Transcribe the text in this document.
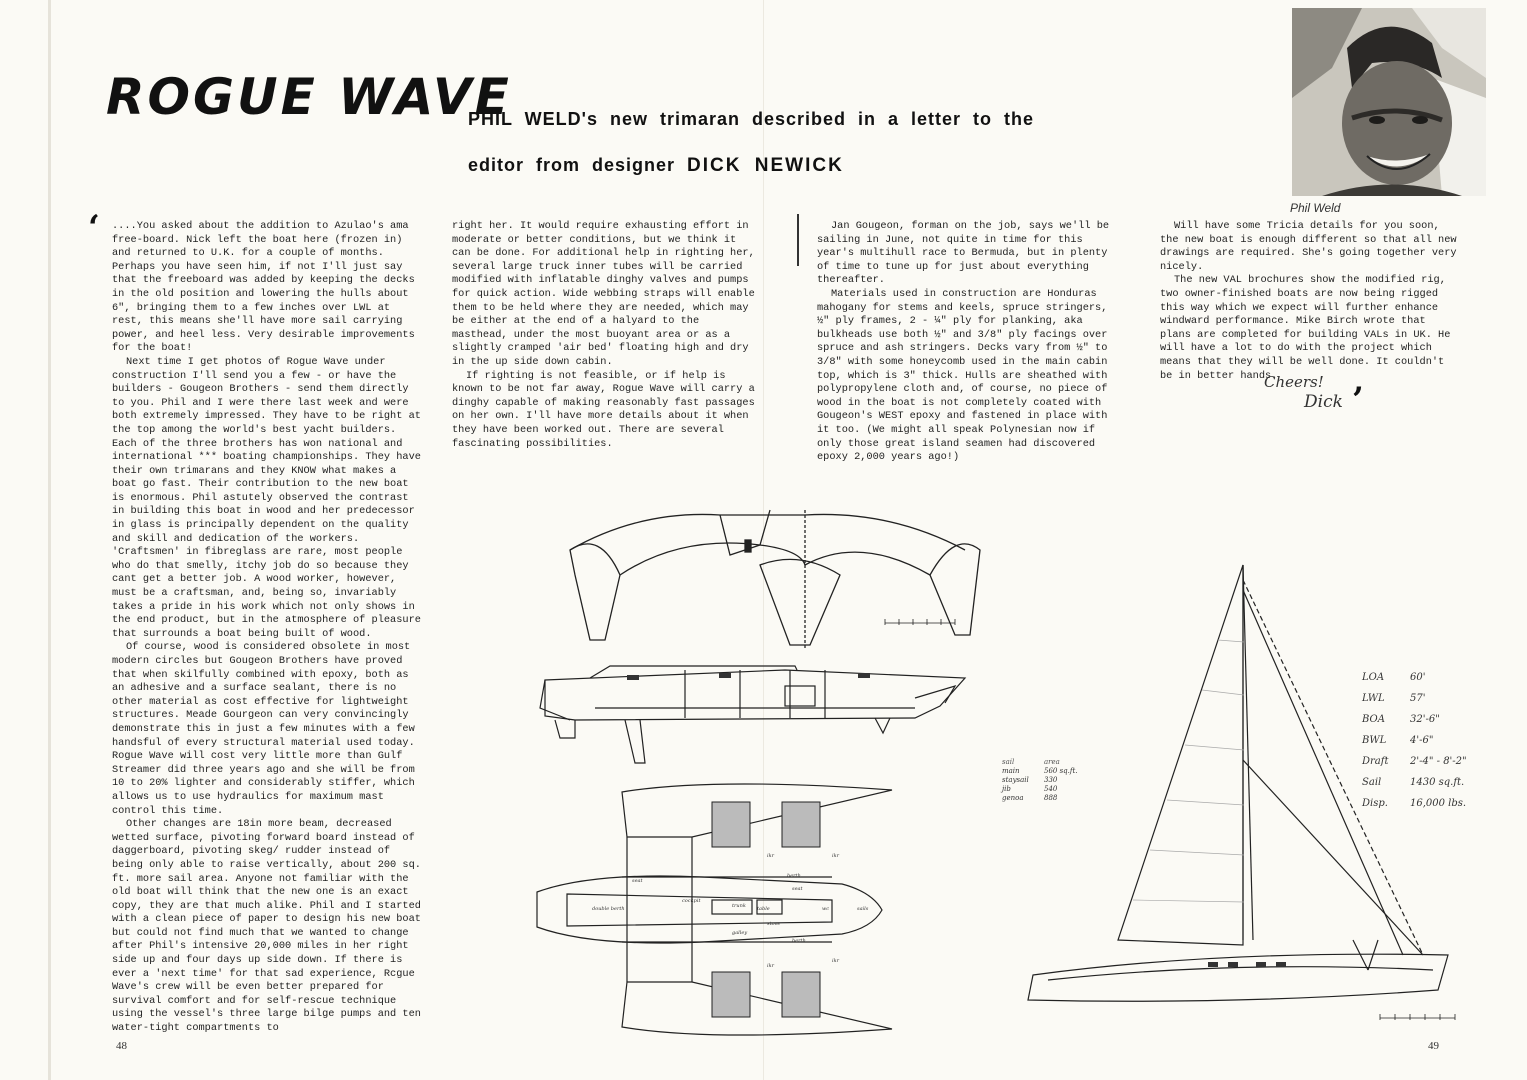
ROGUE WAVE
PHIL WELD's new trimaran described in a letter to the
editor from designer DICK NEWICK
Phil Weld
‘ ....You asked about the addition to Azulao's ama free-board. Nick left the boat here (frozen in) and returned to U.K. for a couple of months. Perhaps you have seen him, if not I'll just say that the freeboard was added by keeping the decks in the old position and lowering the hulls about 6", bringing them to a few inches over LWL at rest, this means she'll have more sail carrying power, and heel less. Very desirable improvements for the boat!

Next time I get photos of Rogue Wave under construction I'll send you a few - or have the builders - Gougeon Brothers - send them directly to you. Phil and I were there last week and were both extremely impressed. They have to be right at the top among the world's best yacht builders. Each of the three brothers has won national and international *** boating championships. They have their own trimarans and they KNOW what makes a boat go fast. Their contribution to the new boat is enormous. Phil astutely observed the contrast in building this boat in wood and her predecessor in glass is principally dependent on the quality and skill and dedication of the workers.

'Craftsmen' in fibreglass are rare, most people who do that smelly, itchy job do so because they cant get a better job. A wood worker, however, must be a craftsman, and, being so, invariably takes a pride in his work which not only shows in the end product, but in the atmosphere of pleasure that surrounds a boat being built of wood.

Of course, wood is considered obsolete in most modern circles but Gougeon Brothers have proved that when skilfully combined with epoxy, both as an adhesive and a surface sealant, there is no other material as cost effective for lightweight structures. Meade Gourgeon can very convincingly demonstrate this in just a few minutes with a few handsful of every structural material used today. Rogue Wave will cost very little more than Gulf Streamer did three years ago and she will be from 10 to 20% lighter and considerably stiffer, which allows us to use hydraulics for maximum mast control this time.

Other changes are 18in more beam, decreased wetted surface, pivoting forward board instead of daggerboard, pivoting skeg/ rudder instead of being only able to raise vertically, about 200 sq. ft. more sail area. Anyone not familiar with the old boat will think that the new one is an exact copy, they are that much alike. Phil and I started with a clean piece of paper to design his new boat but could not find much that we wanted to change after Phil's intensive 20,000 miles in her right side up and four days up side down. If there is ever a 'next time' for that sad experience, Rcgue Wave's crew will be even better prepared for survival comfort and for self-rescue technique using the vessel's three large bilge pumps and ten water-tight compartments to

right her. It would require exhausting effort in moderate or better conditions, but we think it can be done. For additional help in righting her, several large truck inner tubes will be carried modified with inflatable dinghy valves and pumps for quick action. Wide webbing straps will enable them to be held where they are needed, which may be either at the end of a halyard to the masthead, under the most buoyant area or as a slightly cramped 'air bed' floating high and dry in the up side down cabin.

If righting is not feasible, or if help is known to be not far away, Rogue Wave will carry a dinghy capable of making reasonably fast passages on her own. I'll have more details about it when they have been worked out. There are several fascinating possibilities.

Jan Gougeon, forman on the job, says we'll be sailing in June, not quite in time for this year's multihull race to Bermuda, but in plenty of time to tune up for just about everything thereafter.

Materials used in construction are Honduras mahogany for stems and keels, spruce stringers, ½" ply frames, 2 - ¼" ply for planking, aka bulkheads use both ½" and 3/8" ply facings over spruce and ash stringers. Decks vary from ½" to 3/8" with some honeycomb used in the main cabin top, which is 3" thick. Hulls are sheathed with polypropylene cloth and, of course, no piece of wood in the boat is not completely coated with Gougeon's WEST epoxy and fastened in place with it too. (We might all speak Polynesian now if only those great island seamen had discovered epoxy 2,000 years ago!)

Will have some Tricia details for you soon, the new boat is enough different so that all new drawings are required. She's going together very nicely.

The new VAL brochures show the modified rig, two owner-finished boats are now being rigged this way which we expect will further enhance windward performance. Mike Birch wrote that plans are completed for building VALs in UK. He will have a lot to do with the project which means that they will be well done. It couldn't be in better hands.

Cheers!
Dick ’
double berth
cockpit
trunk table
stove
galley
wc	sails
ikr
berth
ikr
seat
seat
ikr
berth
ikr
LOA	60'
LWL	57'
BOA	32'-6"
BWL	4'-6"
Draft	2'-4" - 8'-2"
Sail	1430 sq.ft.
Disp.	16,000 lbs.
sail	area
main	560 sq.ft.
staysail	330
jib	540
genoa	888
48	49
